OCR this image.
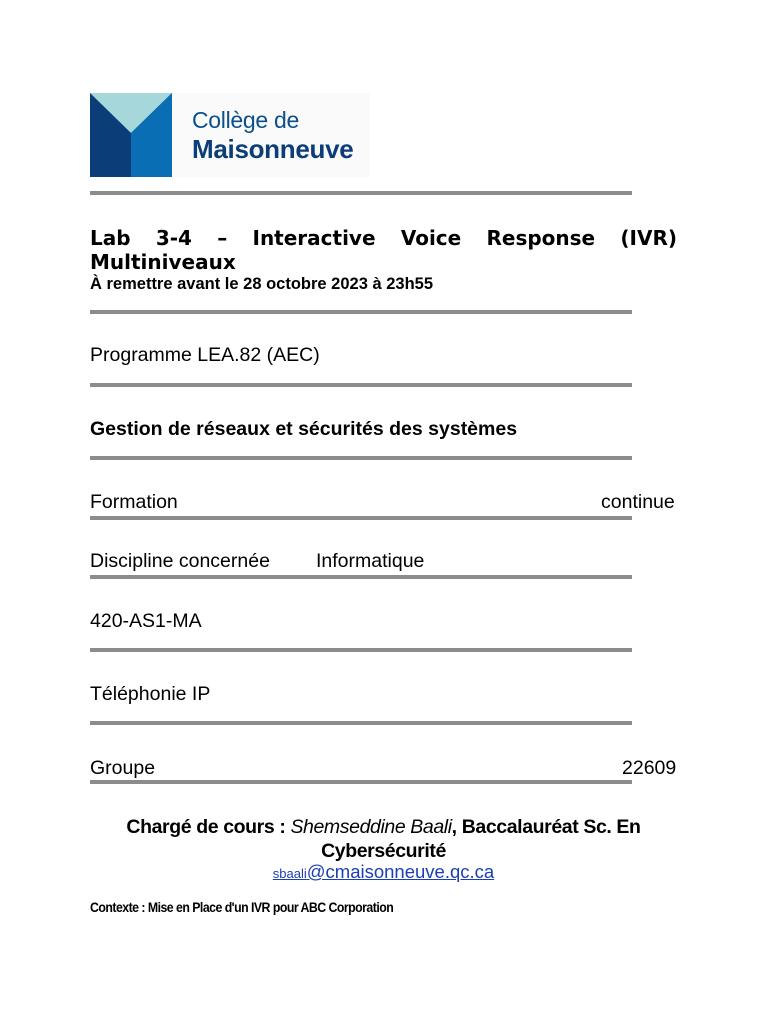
Collège de
Maisonneuve
Lab 3-4 – Interactive Voice Response (IVR)
Multiniveaux
À remettre avant le 28 octobre 2023 à 23h55
Programme LEA.82 (AEC)
Gestion de réseaux et sécurités des systèmes
Formation	continue
Discipline concernée Informatique
420-AS1-MA
Téléphonie IP
Groupe	22609
Chargé de cours : Shemseddine Baali, Baccalauréat Sc. En Cybersécurité
sbaali@cmaisonneuve.qc.ca
Contexte : Mise en Place d'un IVR pour ABC Corporation
